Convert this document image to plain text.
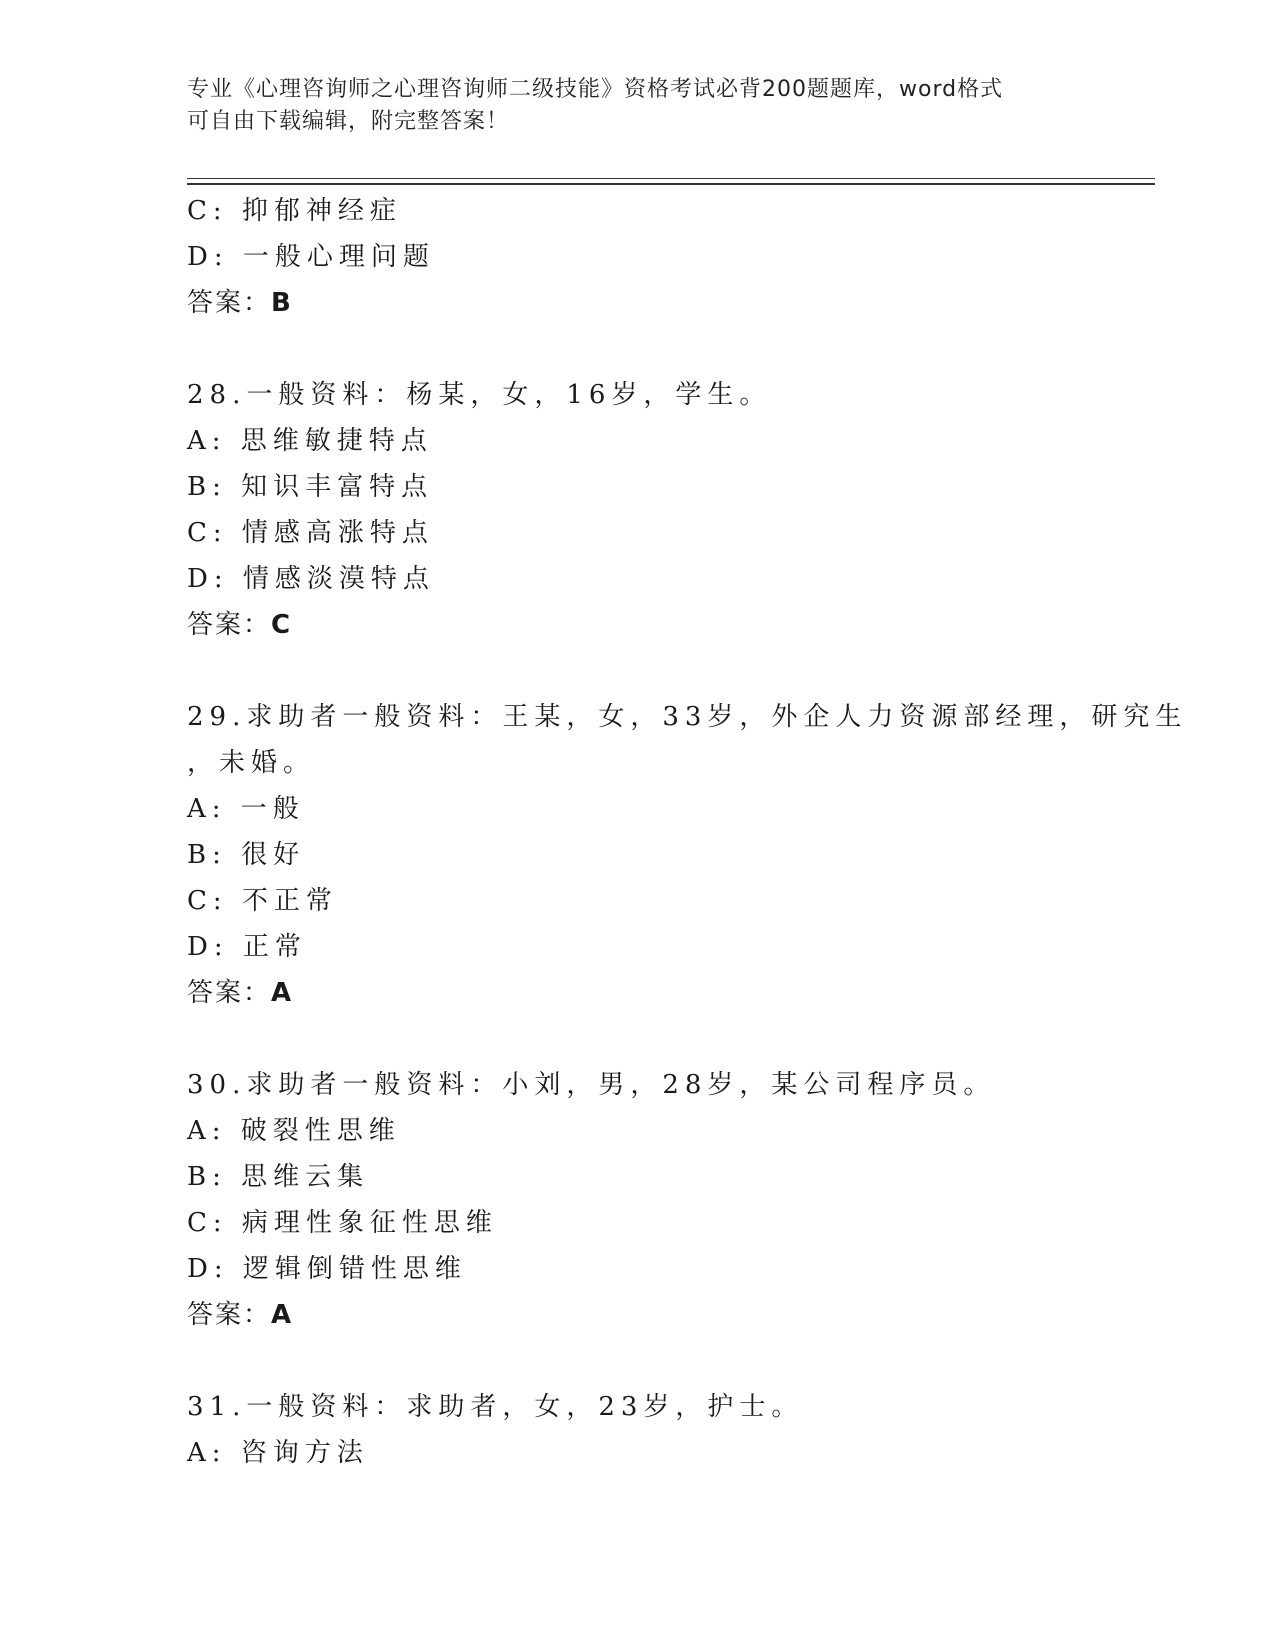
专业《心理咨询师之心理咨询师二级技能》资格考试必背200题题库，word格式
可自由下载编辑，附完整答案！
C: 抑郁神经症
D: 一般心理问题
答案：B
28.一般资料：杨某，女，16岁，学生。
A: 思维敏捷特点
B: 知识丰富特点
C: 情感高涨特点
D: 情感淡漠特点
答案：C
29.求助者一般资料：王某，女，33岁，外企人力资源部经理，研究生
，未婚。
A: 一般
B: 很好
C: 不正常
D: 正常
答案：A
30.求助者一般资料：小刘，男，28岁，某公司程序员。
A: 破裂性思维
B: 思维云集
C: 病理性象征性思维
D: 逻辑倒错性思维
答案：A
31.一般资料：求助者，女，23岁，护士。
A: 咨询方法
